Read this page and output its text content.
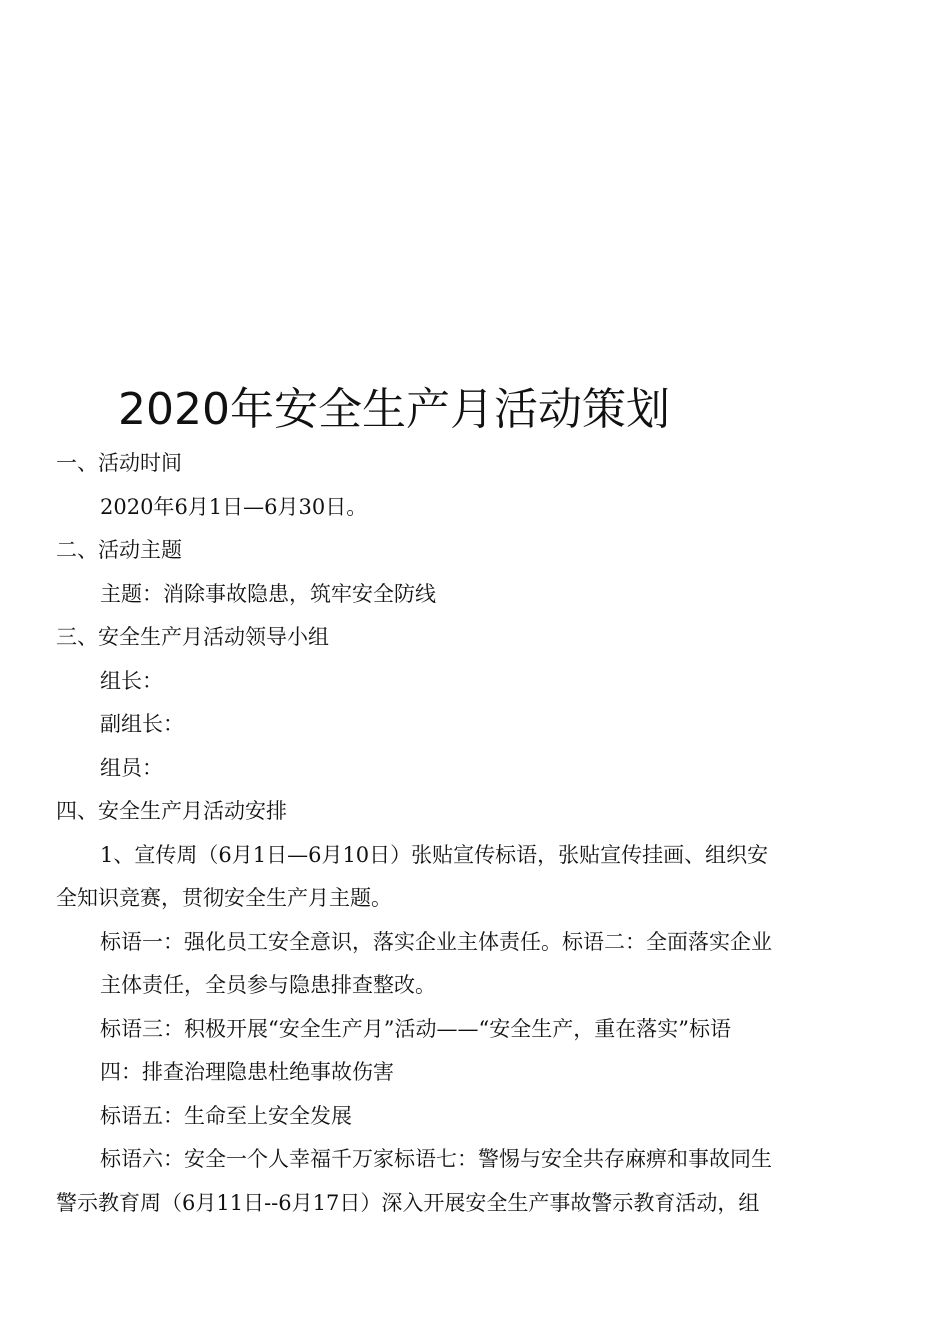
2020年安全生产月活动策划

一、活动时间

2020年6月1日—6月30日。

二、活动主题

主题：消除事故隐患，筑牢安全防线

三、安全生产月活动领导小组

组长：

副组长：

组员：

四、安全生产月活动安排

1、宣传周（6月1日—6月10日）张贴宣传标语，张贴宣传挂画、组织安

全知识竞赛，贯彻安全生产月主题。

标语一：强化员工安全意识，落实企业主体责任。标语二：全面落实企业

主体责任，全员参与隐患排查整改。

标语三：积极开展“安全生产月”活动——“安全生产，重在落实”标语

四：排查治理隐患杜绝事故伤害

标语五：生命至上安全发展

标语六：安全一个人幸福千万家标语七：警惕与安全共存麻痹和事故同生

警示教育周（6月11日--6月17日）深入开展安全生产事故警示教育活动，组
